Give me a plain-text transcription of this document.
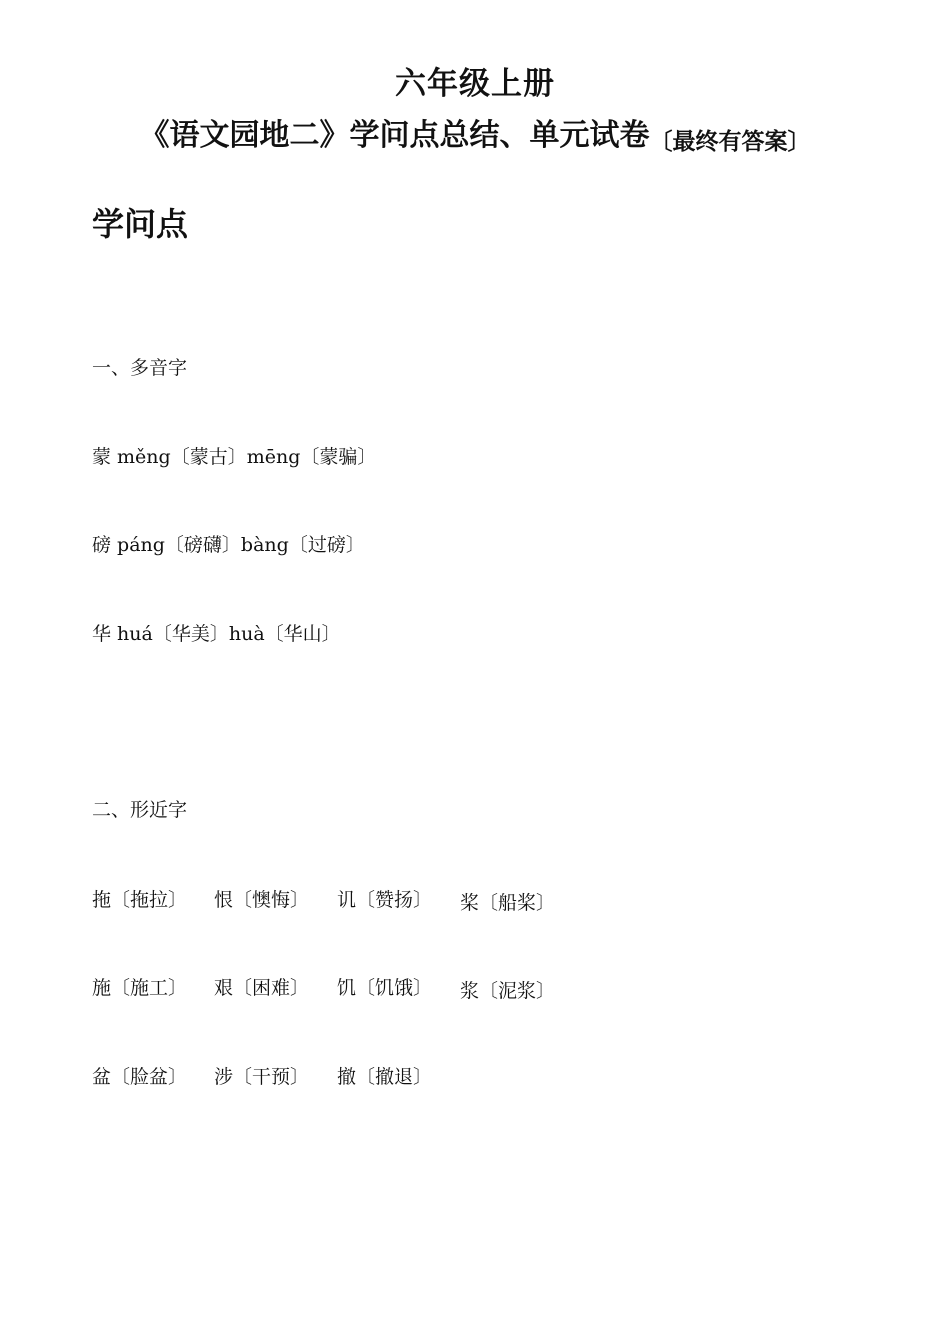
六年级上册
《语文园地二》学问点总结、单元试卷〔最终有答案〕
学问点
一、多音字
蒙 měng〔蒙古〕mēng〔蒙骗〕
磅 páng〔磅礴〕bàng〔过磅〕
华 huá〔华美〕huà〔华山〕
二、形近字
拖〔拖拉〕 恨〔懊悔〕 讥〔赞扬〕 桨〔船桨〕
施〔施工〕 艰〔困难〕 饥〔饥饿〕 浆〔泥浆〕
盆〔脸盆〕 涉〔干预〕 撤〔撤退〕
